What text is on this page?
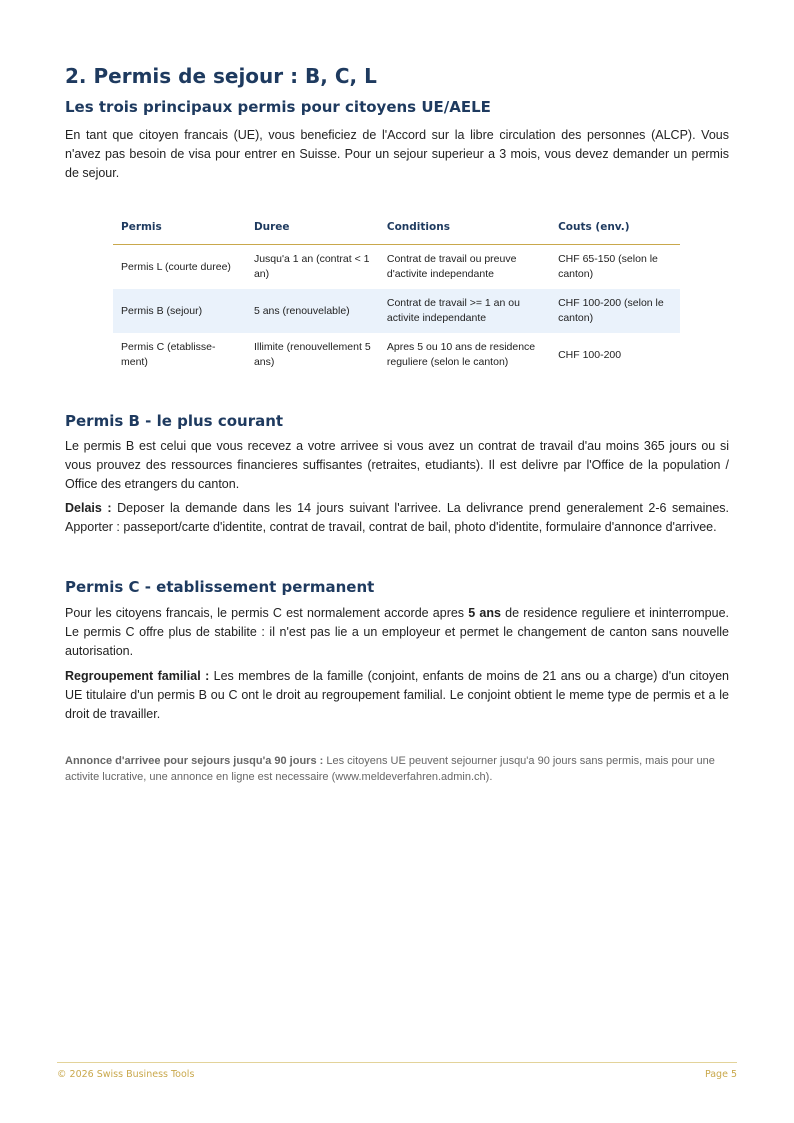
2. Permis de sejour : B, C, L
Les trois principaux permis pour citoyens UE/AELE

En tant que citoyen francais (UE), vous beneficiez de l'Accord sur la libre circulation des personnes (ALCP). Vous n'avez pas besoin de visa pour entrer en Suisse. Pour un sejour superieur a 3 mois, vous devez demander un permis de sejour.

Permis	Duree	Conditions	Couts (env.)
Permis L (courte duree)	Jusqu'a 1 an (contrat < 1 an)	Contrat de travail ou preuve d'activite independante	CHF 65-150 (selon le canton)
Permis B (sejour)	5 ans (renouvelable)	Contrat de travail >= 1 an ou activite independante	CHF 100-200 (selon le canton)
Permis C (etablisse-ment)	Illimite (renouvellement 5 ans)	Apres 5 ou 10 ans de residence reguliere (selon le canton)	CHF 100-200
Permis B - le plus courant

Le permis B est celui que vous recevez a votre arrivee si vous avez un contrat de travail d'au moins 365 jours ou si vous prouvez des ressources financieres suffisantes (retraites, etudiants). Il est delivre par l'Office de la population / Office des etrangers du canton.

Delais : Deposer la demande dans les 14 jours suivant l'arrivee. La delivrance prend generalement 2-6 semaines. Apporter : passeport/carte d'identite, contrat de travail, contrat de bail, photo d'identite, formulaire d'annonce d'arrivee.

Permis C - etablissement permanent

Pour les citoyens francais, le permis C est normalement accorde apres 5 ans de residence reguliere et ininterrompue. Le permis C offre plus de stabilite : il n'est pas lie a un employeur et permet le changement de canton sans nouvelle autorisation.

Regroupement familial : Les membres de la famille (conjoint, enfants de moins de 21 ans ou a charge) d'un citoyen UE titulaire d'un permis B ou C ont le droit au regroupement familial. Le conjoint obtient le meme type de permis et a le droit de travailler.

Annonce d'arrivee pour sejours jusqu'a 90 jours : Les citoyens UE peuvent sejourner jusqu'a 90 jours sans permis, mais pour une activite lucrative, une annonce en ligne est necessaire (www.meldeverfahren.admin.ch).

© 2026 Swiss Business Tools	Page 5
